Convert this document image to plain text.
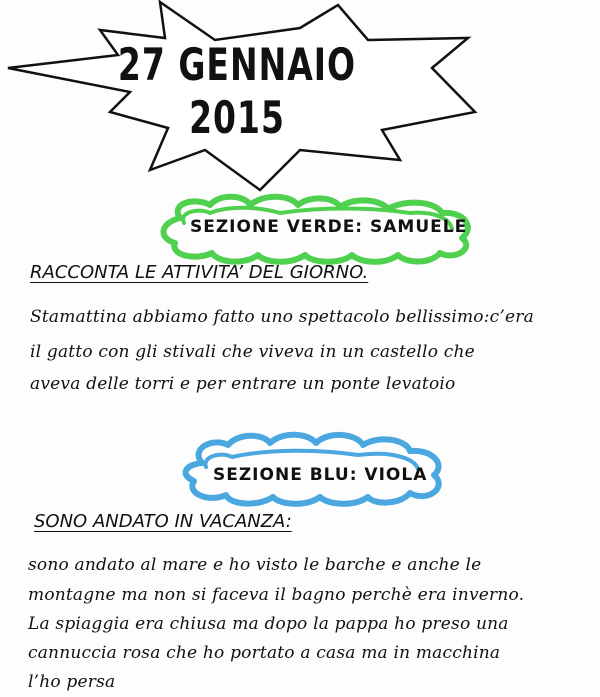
27 GENNAIO 2015
SEZIONE VERDE: SAMUELE
RACCONTA LE ATTIVITA’ DEL GIORNO.
Stamattina abbiamo fatto uno spettacolo bellissimo:c’era
il gatto con gli stivali che viveva in un castello che
aveva delle torri e per entrare un ponte levatoio
SEZIONE BLU: VIOLA
SONO ANDATO IN VACANZA:
sono andato al mare e ho visto le barche e anche le
montagne ma non si faceva il bagno perchè era inverno.
La spiaggia era chiusa ma dopo la pappa ho preso una
cannuccia rosa che ho portato a casa ma in macchina
l’ho persa
